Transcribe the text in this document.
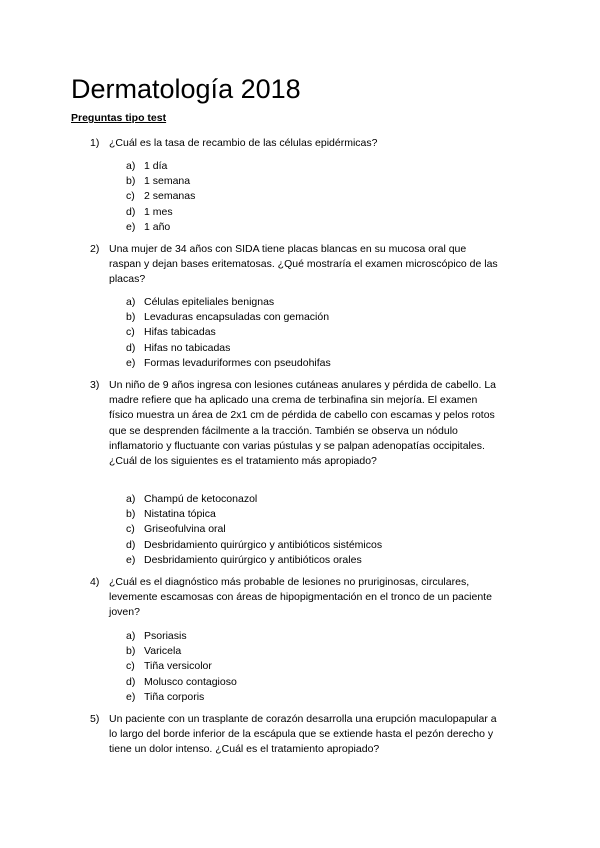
Dermatología 2018
Preguntas tipo test
1) ¿Cuál es la tasa de recambio de las células epidérmicas?
a) 1 día
b) 1 semana
c) 2 semanas
d) 1 mes
e) 1 año
2) Una mujer de 34 años con SIDA tiene placas blancas en su mucosa oral que raspan y dejan bases eritematosas. ¿Qué mostraría el examen microscópico de las placas?
a) Células epiteliales benignas
b) Levaduras encapsuladas con gemación
c) Hifas tabicadas
d) Hifas no tabicadas
e) Formas levaduriformes con pseudohifas
3) Un niño de 9 años ingresa con lesiones cutáneas anulares y pérdida de cabello. La madre refiere que ha aplicado una crema de terbinafina sin mejoría. El examen físico muestra un área de 2x1 cm de pérdida de cabello con escamas y pelos rotos que se desprenden fácilmente a la tracción. También se observa un nódulo inflamatorio y fluctuante con varias pústulas y se palpan adenopatías occipitales. ¿Cuál de los siguientes es el tratamiento más apropiado?
a) Champú de ketoconazol
b) Nistatina tópica
c) Griseofulvina oral
d) Desbridamiento quirúrgico y antibióticos sistémicos
e) Desbridamiento quirúrgico y antibióticos orales
4) ¿Cuál es el diagnóstico más probable de lesiones no pruriginosas, circulares, levemente escamosas con áreas de hipopigmentación en el tronco de un paciente joven?
a) Psoriasis
b) Varicela
c) Tiña versicolor
d) Molusco contagioso
e) Tiña corporis
5) Un paciente con un trasplante de corazón desarrolla una erupción maculopapular a lo largo del borde inferior de la escápula que se extiende hasta el pezón derecho y tiene un dolor intenso. ¿Cuál es el tratamiento apropiado?
